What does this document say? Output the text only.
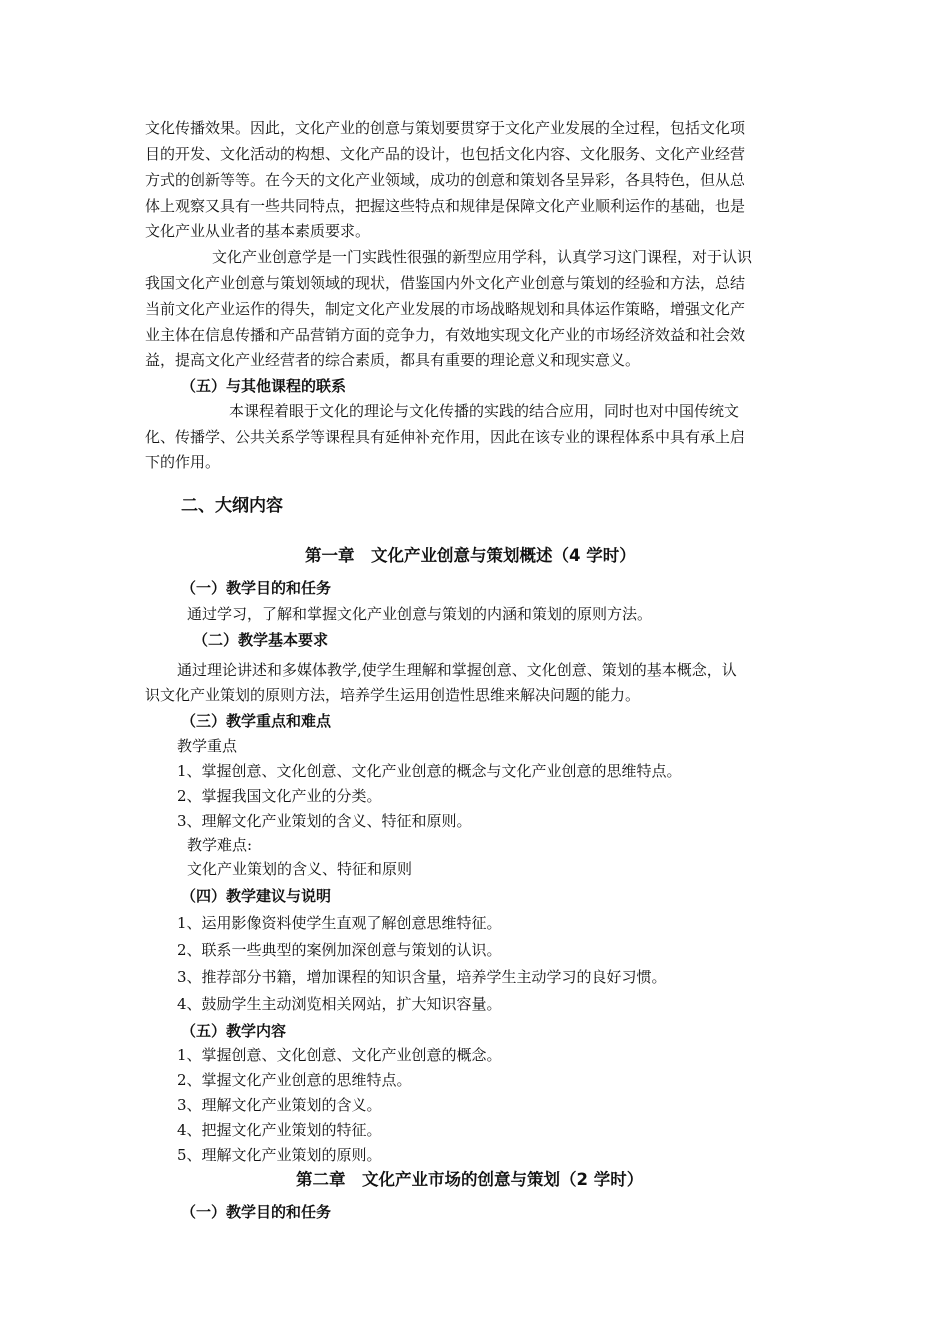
文化传播效果。因此，文化产业的创意与策划要贯穿于文化产业发展的全过程，包括文化项
目的开发、文化活动的构想、文化产品的设计，也包括文化内容、文化服务、文化产业经营
方式的创新等等。在今天的文化产业领域，成功的创意和策划各呈异彩，各具特色，但从总
体上观察又具有一些共同特点，把握这些特点和规律是保障文化产业顺利运作的基础，也是
文化产业从业者的基本素质要求。
文化产业创意学是一门实践性很强的新型应用学科，认真学习这门课程，对于认识
我国文化产业创意与策划领域的现状，借鉴国内外文化产业创意与策划的经验和方法，总结
当前文化产业运作的得失，制定文化产业发展的市场战略规划和具体运作策略，增强文化产
业主体在信息传播和产品营销方面的竞争力，有效地实现文化产业的市场经济效益和社会效
益，提高文化产业经营者的综合素质，都具有重要的理论意义和现实意义。
（五）与其他课程的联系
本课程着眼于文化的理论与文化传播的实践的结合应用，同时也对中国传统文
化、传播学、公共关系学等课程具有延伸补充作用，因此在该专业的课程体系中具有承上启
下的作用。
二、大纲内容
第一章　文化产业创意与策划概述（4 学时）
（一）教学目的和任务
通过学习，了解和掌握文化产业创意与策划的内涵和策划的原则方法。
（二）教学基本要求
通过理论讲述和多媒体教学,使学生理解和掌握创意、文化创意、策划的基本概念，认
识文化产业策划的原则方法，培养学生运用创造性思维来解决问题的能力。
（三）教学重点和难点
教学重点
1、掌握创意、文化创意、文化产业创意的概念与文化产业创意的思维特点。
2、掌握我国文化产业的分类。
3、理解文化产业策划的含义、特征和原则。
教学难点:
文化产业策划的含义、特征和原则
（四）教学建议与说明
1、运用影像资料使学生直观了解创意思维特征。
2、联系一些典型的案例加深创意与策划的认识。
3、推荐部分书籍，增加课程的知识含量，培养学生主动学习的良好习惯。
4、鼓励学生主动浏览相关网站，扩大知识容量。
（五）教学内容
1、掌握创意、文化创意、文化产业创意的概念。
2、掌握文化产业创意的思维特点。
3、理解文化产业策划的含义。
4、把握文化产业策划的特征。
5、理解文化产业策划的原则。
第二章　文化产业市场的创意与策划（2 学时）
（一）教学目的和任务
